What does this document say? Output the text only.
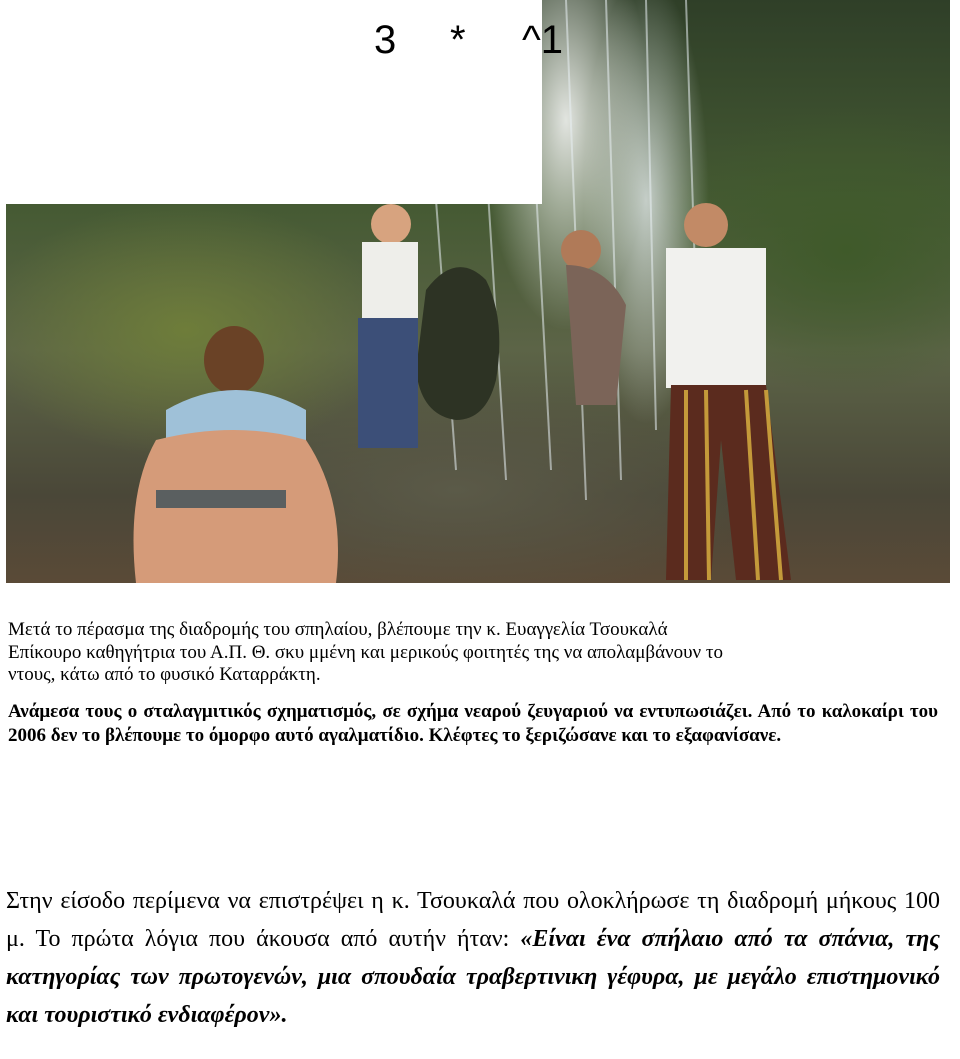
3 * ^1
Μετά το πέρασμα της διαδρομής του σπηλαίου, βλέπουμε την κ. Ευαγγελία Τσουκαλά
Επίκουρο καθηγήτρια του Α.Π. Θ. σκυ μμένη και μερικούς φοιτητές της να απολαμβάνουν το
ντους, κάτω από το φυσικό Καταρράκτη.
Ανάμεσα τους ο σταλαγμιτικός σχηματισμός, σε σχήμα νεαρού ζευγαριού να εντυπωσιάζει. Από το καλοκαίρι του 2006 δεν το βλέπουμε το όμορφο αυτό αγαλματίδιο. Κλέφτες το ξεριζώσανε και το εξαφανίσανε.
Στην είσοδο περίμενα να επιστρέψει η κ. Τσουκαλά που ολοκλήρωσε τη διαδρομή μήκους 100 μ. Το πρώτα λόγια που άκουσα από αυτήν ήταν: «Είναι ένα σπήλαιο από τα σπάνια, της κατηγορίας των πρωτογενών, μια σπουδαία τραβερτινικη γέφυρα, με μεγάλο επιστημονικό και τουριστικό ενδιαφέρον».
